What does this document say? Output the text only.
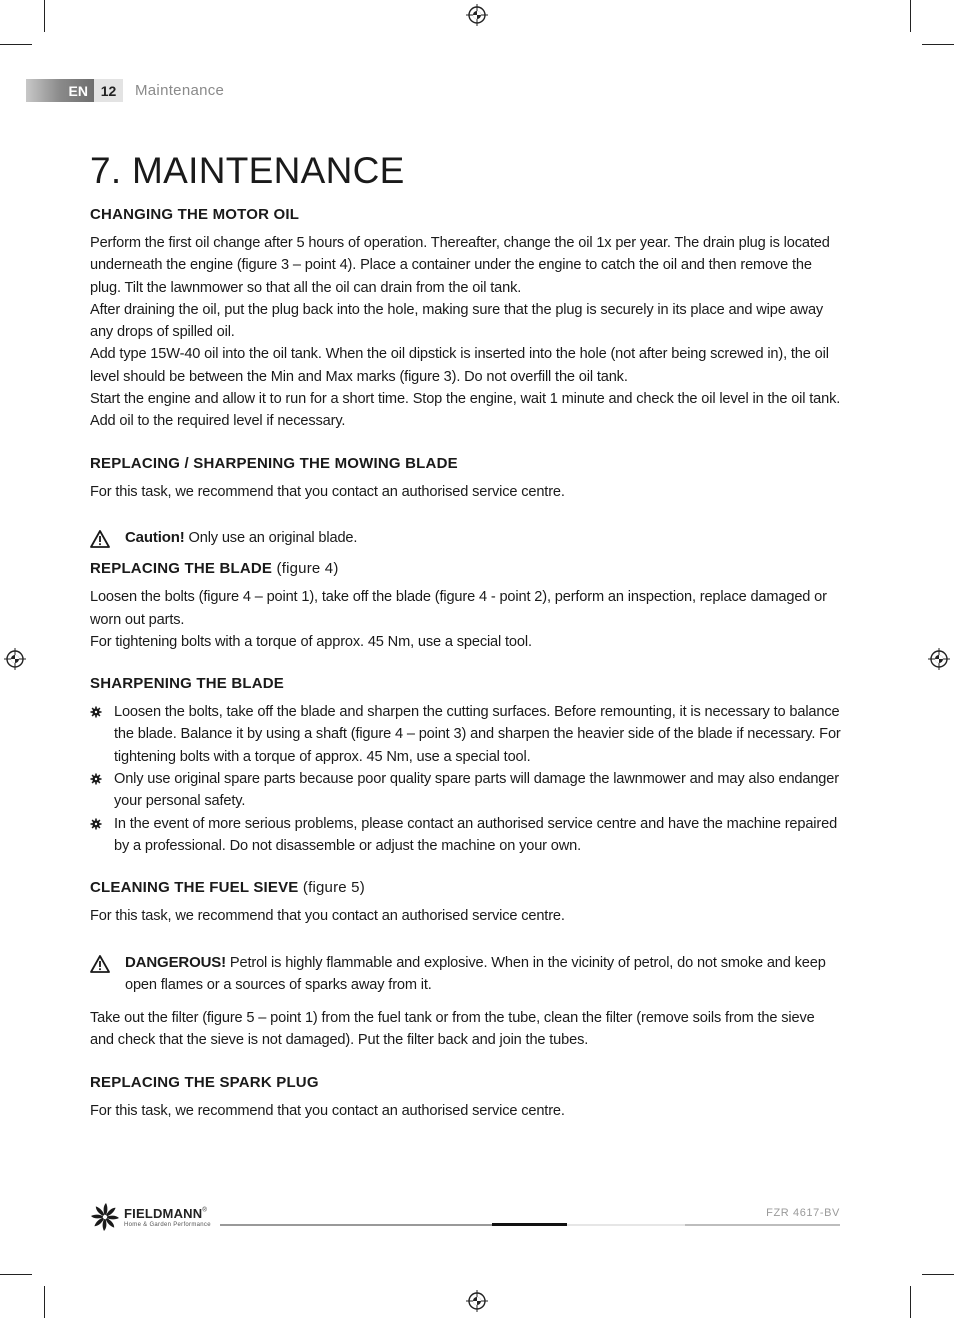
EN 12	Maintenance
7. MAINTENANCE
CHANGING THE MOTOR OIL

Perform the first oil change after 5 hours of operation. Thereafter, change the oil 1x per year. The drain plug is located underneath the engine (figure 3 – point 4). Place a container under the engine to catch the oil and then remove the plug. Tilt the lawnmower so that all the oil can drain from the oil tank.

After draining the oil, put the plug back into the hole, making sure that the plug is securely in its place and wipe away any drops of spilled oil.

Add type 15W-40 oil into the oil tank. When the oil dipstick is inserted into the hole (not after being screwed in), the oil level should be between the Min and Max marks (figure 3). Do not overfill the oil tank.

Start the engine and allow it to run for a short time. Stop the engine, wait 1 minute and check the oil level in the oil tank. Add oil to the required level if necessary.

REPLACING / SHARPENING THE MOWING BLADE

For this task, we recommend that you contact an authorised service centre.

Caution! Only use an original blade.
REPLACING THE BLADE (figure 4)

Loosen the bolts (figure 4 – point 1), take off the blade (figure 4 - point 2), perform an inspection, replace damaged or worn out parts.

For tightening bolts with a torque of approx. 45 Nm, use a special tool.

SHARPENING THE BLADE
Loosen the bolts, take off the blade and sharpen the cutting surfaces. Before remounting, it is necessary to balance the blade. Balance it by using a shaft (figure 4 – point 3) and sharpen the heavier side of the blade if necessary. For tightening bolts with a torque of approx. 45 Nm, use a special tool.
Only use original spare parts because poor quality spare parts will damage the lawnmower and may also endanger your personal safety.
In the event of more serious problems, please contact an authorised service centre and have the machine repaired by a professional. Do not disassemble or adjust the machine on your own.
CLEANING THE FUEL SIEVE (figure 5)

For this task, we recommend that you contact an authorised service centre.

DANGEROUS! Petrol is highly flammable and explosive. When in the vicinity of petrol, do not smoke and keep open flames or a sources of sparks away from it.

Take out the filter (figure 5 – point 1) from the fuel tank or from the tube, clean the filter (remove soils from the sieve and check that the sieve is not damaged). Put the filter back and join the tubes.

REPLACING THE SPARK PLUG

For this task, we recommend that you contact an authorised service centre.

FIELDMANN®
Home & Garden Performance
FZR 4617-BV
